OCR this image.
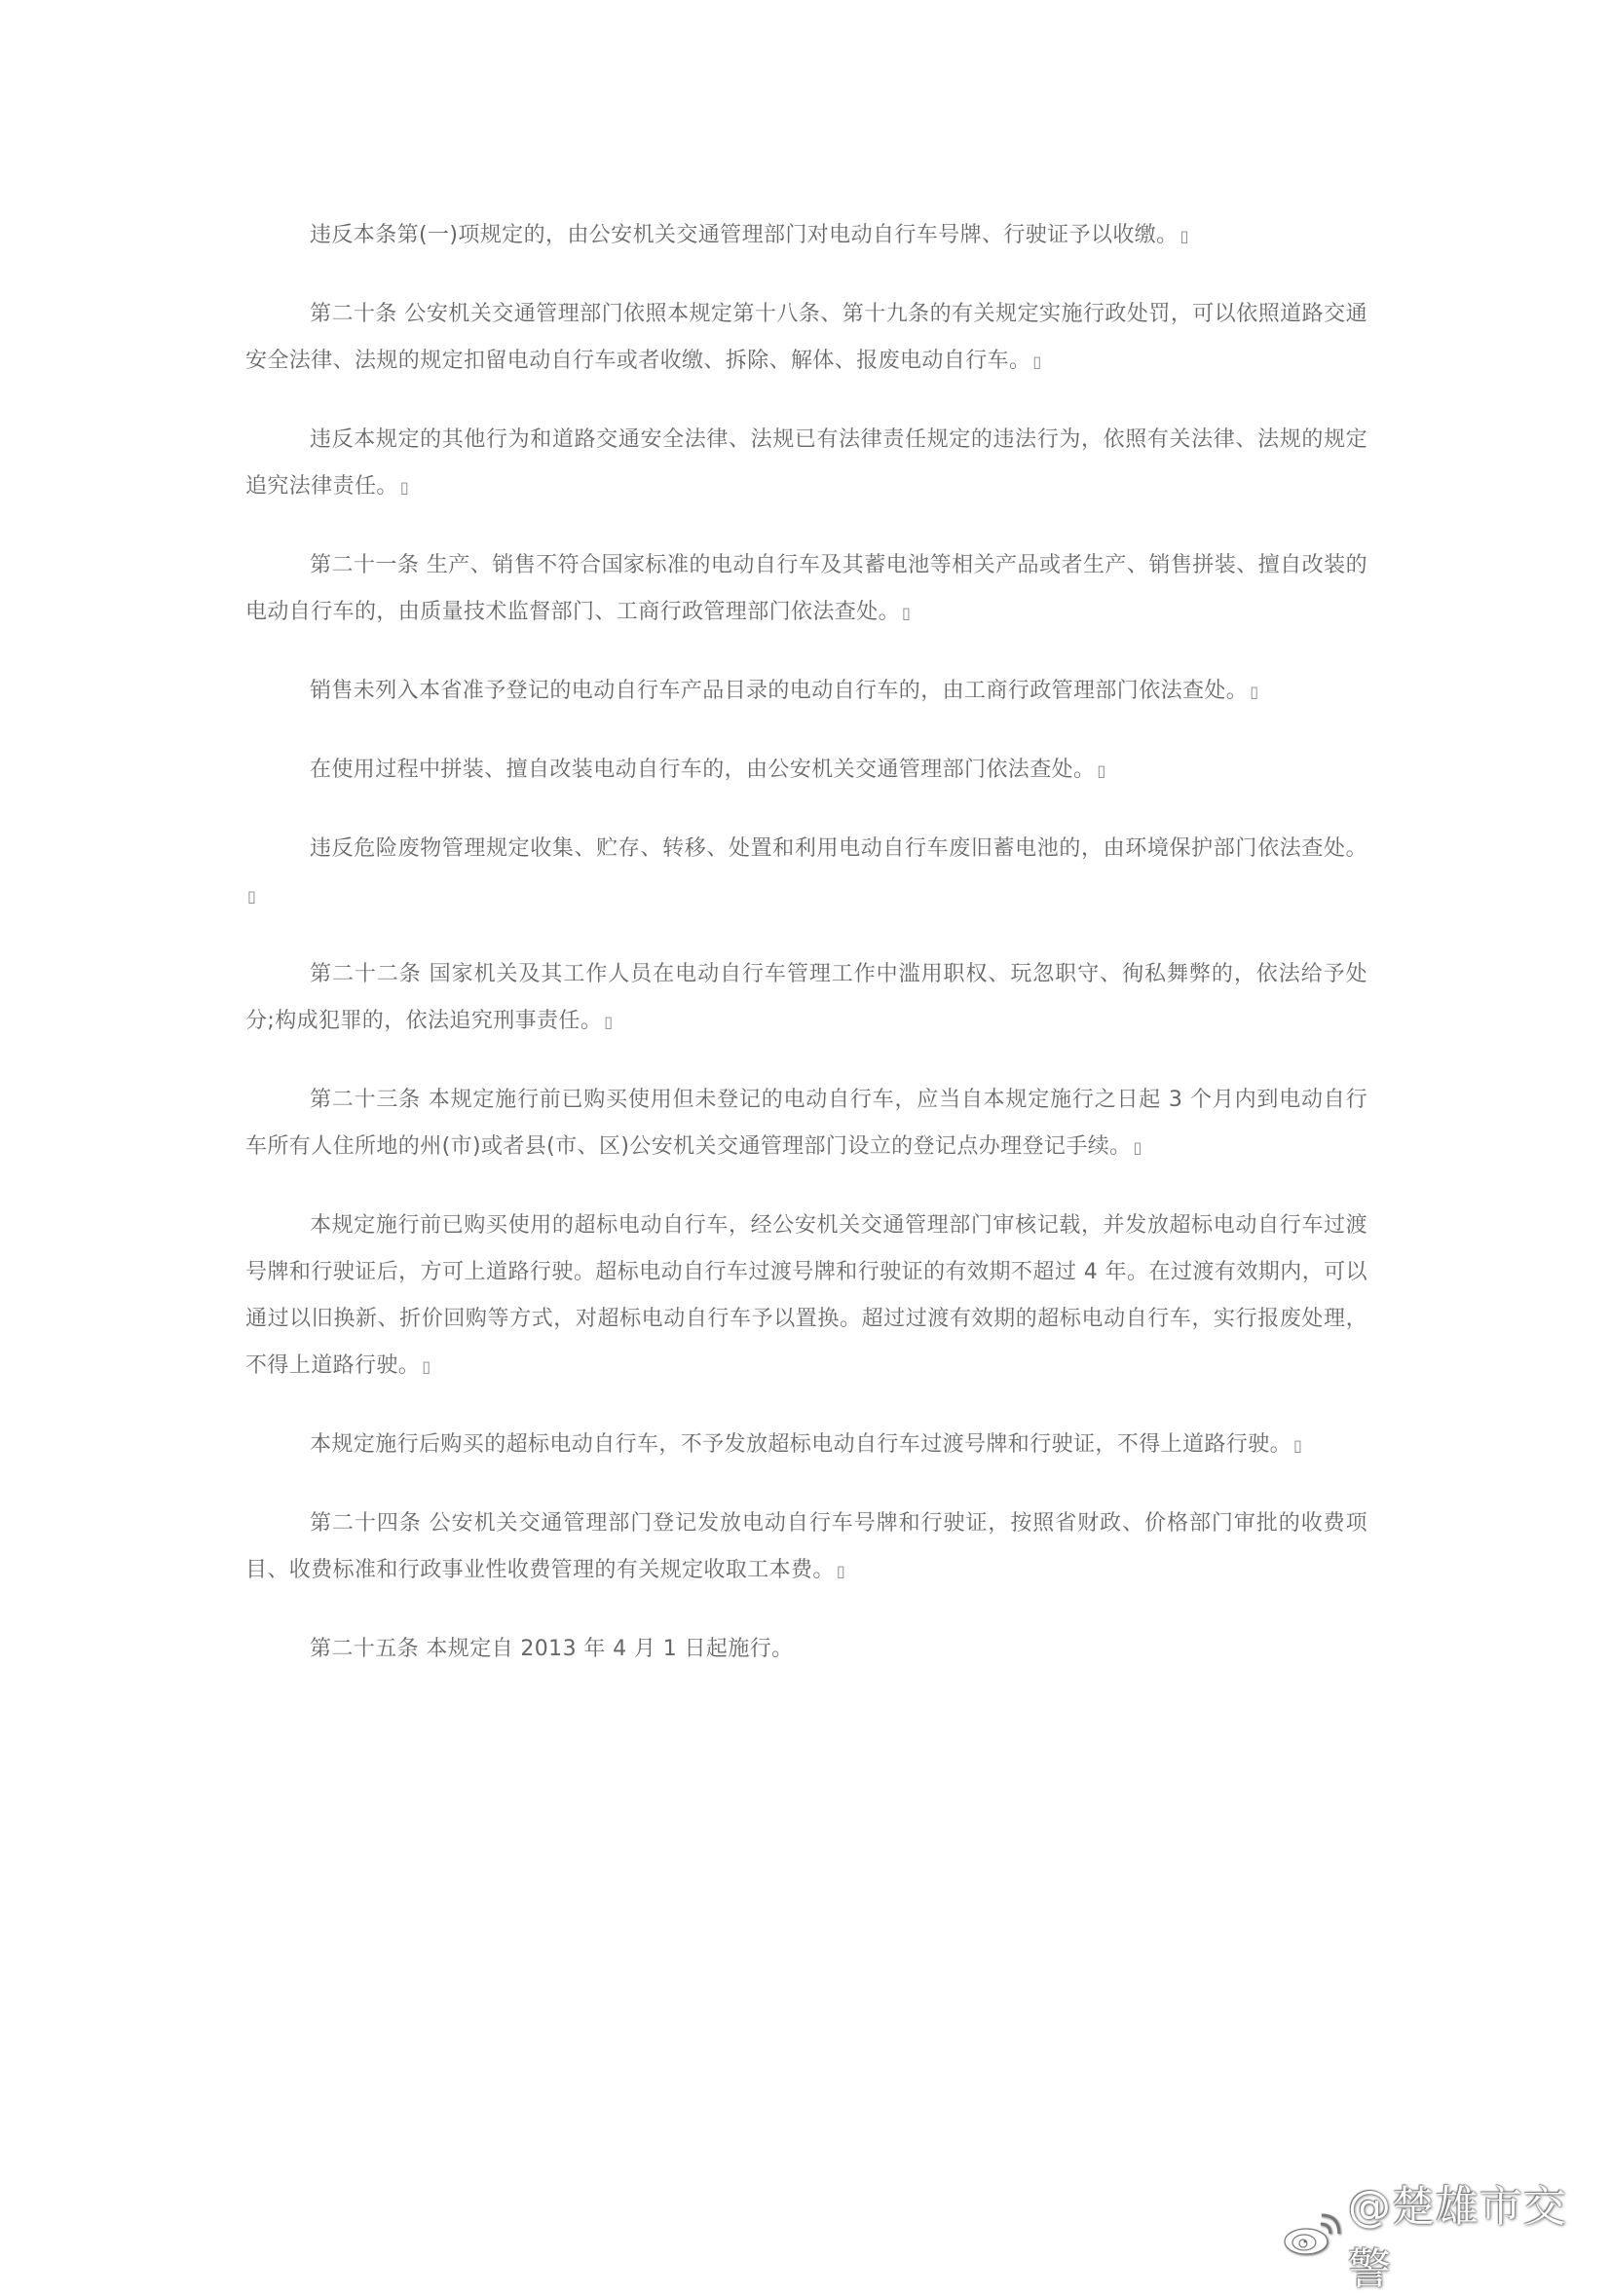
违反本条第(一)项规定的，由公安机关交通管理部门对电动自行车号牌、行驶证予以收缴。 ▯

第二十条 公安机关交通管理部门依照本规定第十八条、第十九条的有关规定实施行政处罚，可以依照道路交通安全法律、法规的规定扣留电动自行车或者收缴、拆除、解体、报废电动自行车。 ▯

违反本规定的其他行为和道路交通安全法律、法规已有法律责任规定的违法行为，依照有关法律、法规的规定追究法律责任。 ▯

第二十一条 生产、销售不符合国家标准的电动自行车及其蓄电池等相关产品或者生产、销售拼装、擅自改装的电动自行车的，由质量技术监督部门、工商行政管理部门依法查处。 ▯

销售未列入本省准予登记的电动自行车产品目录的电动自行车的，由工商行政管理部门依法查处。 ▯

在使用过程中拼装、擅自改装电动自行车的，由公安机关交通管理部门依法查处。 ▯

违反危险废物管理规定收集、贮存、转移、处置和利用电动自行车废旧蓄电池的，由环境保护部门依法查处。▯

第二十二条 国家机关及其工作人员在电动自行车管理工作中滥用职权、玩忽职守、徇私舞弊的，依法给予处分;构成犯罪的，依法追究刑事责任。 ▯

第二十三条 本规定施行前已购买使用但未登记的电动自行车，应当自本规定施行之日起 3 个月内到电动自行车所有人住所地的州(市)或者县(市、区)公安机关交通管理部门设立的登记点办理登记手续。 ▯

本规定施行前已购买使用的超标电动自行车，经公安机关交通管理部门审核记载，并发放超标电动自行车过渡号牌和行驶证后，方可上道路行驶。超标电动自行车过渡号牌和行驶证的有效期不超过 4 年。在过渡有效期内，可以通过以旧换新、折价回购等方式，对超标电动自行车予以置换。超过过渡有效期的超标电动自行车，实行报废处理，不得上道路行驶。 ▯

本规定施行后购买的超标电动自行车，不予发放超标电动自行车过渡号牌和行驶证，不得上道路行驶。 ▯

第二十四条 公安机关交通管理部门登记发放电动自行车号牌和行驶证，按照省财政、价格部门审批的收费项目、收费标准和行政事业性收费管理的有关规定收取工本费。 ▯

第二十五条 本规定自 2013 年 4 月 1 日起施行。

@楚雄市交警
